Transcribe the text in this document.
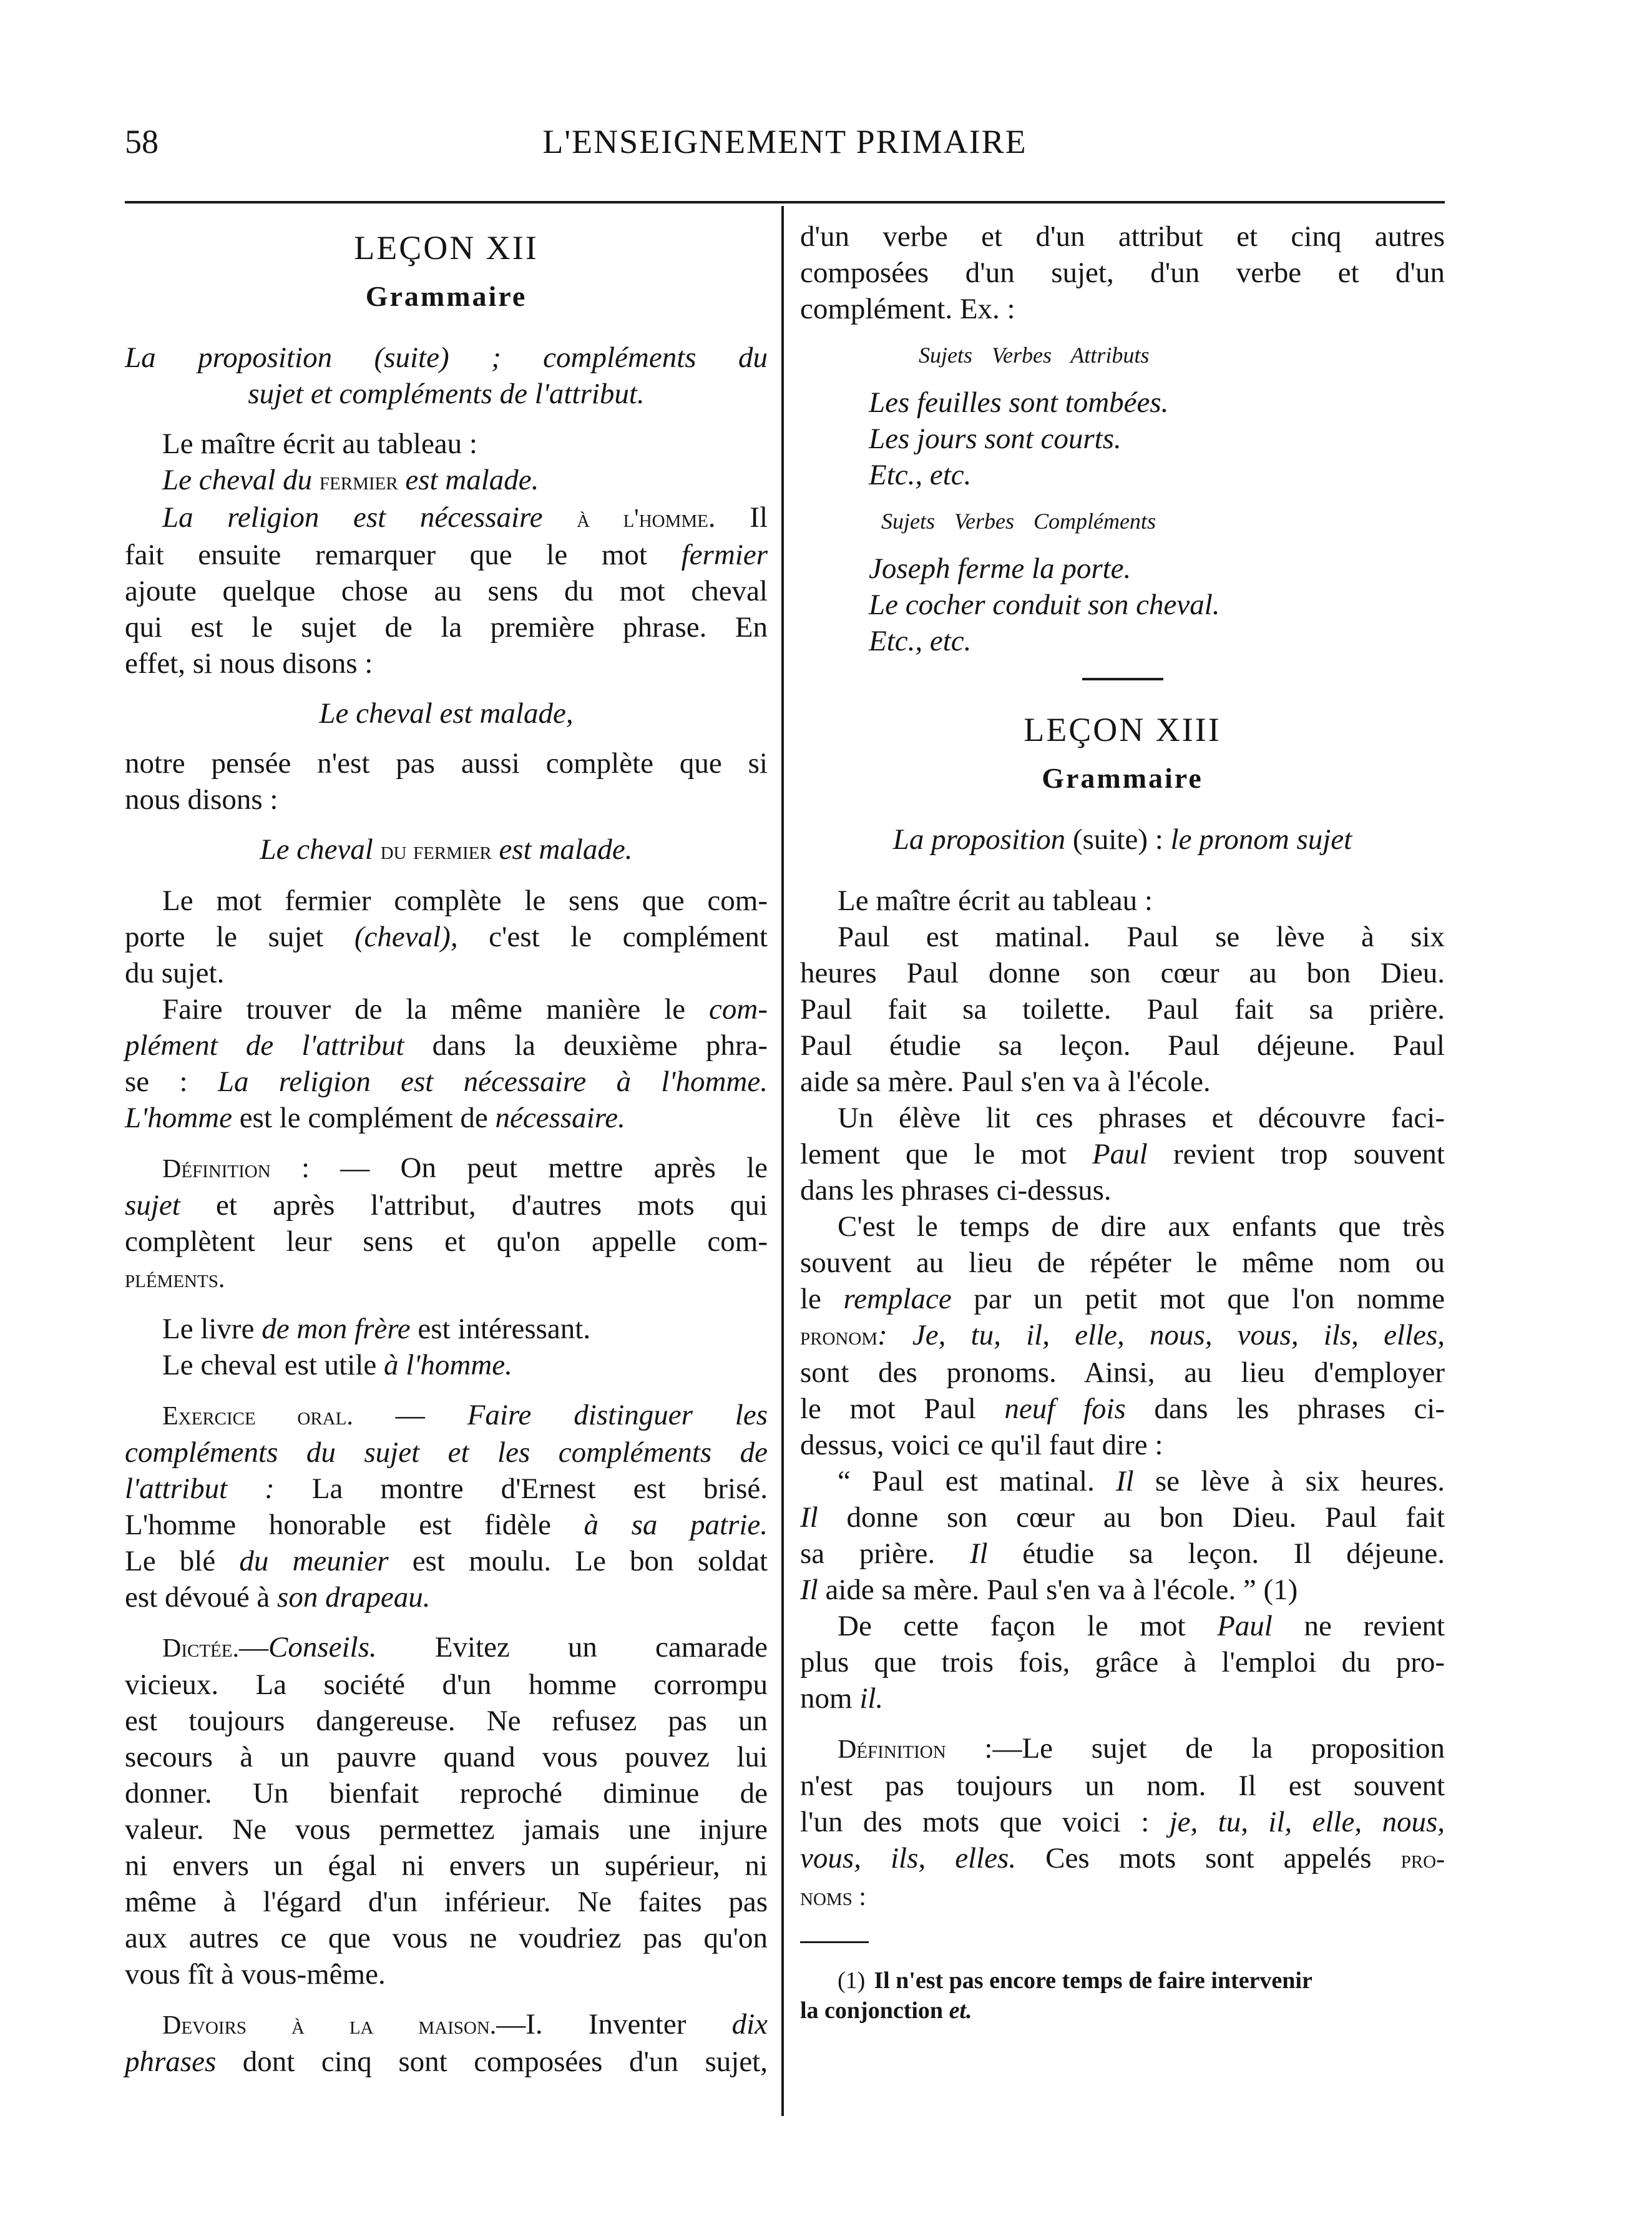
58	L'ENSEIGNEMENT PRIMAIRE

LEÇON XII

Grammaire

La proposition (suite) ; compléments du

sujet et compléments de l'attribut.

Le maître écrit au tableau :

Le cheval du fermier est malade.

La religion est nécessaire à l'homme. Il

fait ensuite remarquer que le mot fermier

ajoute quelque chose au sens du mot cheval

qui est le sujet de la première phrase. En

effet, si nous disons :

Le cheval est malade,

notre pensée n'est pas aussi complète que si

nous disons :

Le cheval du fermier est malade.

Le mot fermier complète le sens que com-

porte le sujet (cheval), c'est le complément

du sujet.

Faire trouver de la même manière le com-

plément de l'attribut dans la deuxième phra-

se : La religion est nécessaire à l'homme.

L'homme est le complément de nécessaire.

Définition : — On peut mettre après le

sujet et après l'attribut, d'autres mots qui

complètent leur sens et qu'on appelle com-

pléments.

Le livre de mon frère est intéressant.

Le cheval est utile à l'homme.

Exercice oral. — Faire distinguer les

compléments du sujet et les compléments de

l'attribut : La montre d'Ernest est brisé.

L'homme honorable est fidèle à sa patrie.

Le blé du meunier est moulu. Le bon soldat

est dévoué à son drapeau.

Dictée.—Conseils. Evitez un camarade

vicieux. La société d'un homme corrompu

est toujours dangereuse. Ne refusez pas un

secours à un pauvre quand vous pouvez lui

donner. Un bienfait reproché diminue de

valeur. Ne vous permettez jamais une injure

ni envers un égal ni envers un supérieur, ni

même à l'égard d'un inférieur. Ne faites pas

aux autres ce que vous ne voudriez pas qu'on

vous fît à vous-même.

Devoirs à la maison.—I. Inventer dix

phrases dont cinq sont composées d'un sujet,

d'un verbe et d'un attribut et cinq autres

composées d'un sujet, d'un verbe et d'un

complément. Ex. :

Sujets Verbes Attributs

Les feuilles sont tombées.

Les jours sont courts.

Etc., etc.

Sujets Verbes Compléments

Joseph ferme la porte.

Le cocher conduit son cheval.

Etc., etc.

LEÇON XIII

Grammaire

La proposition (suite) : le pronom sujet

Le maître écrit au tableau :

Paul est matinal. Paul se lève à six

heures Paul donne son cœur au bon Dieu.

Paul fait sa toilette. Paul fait sa prière.

Paul étudie sa leçon. Paul déjeune. Paul

aide sa mère. Paul s'en va à l'école.

Un élève lit ces phrases et découvre faci-

lement que le mot Paul revient trop souvent

dans les phrases ci-dessus.

C'est le temps de dire aux enfants que très

souvent au lieu de répéter le même nom ou

le remplace par un petit mot que l'on nomme

pronom: Je, tu, il, elle, nous, vous, ils, elles,

sont des pronoms. Ainsi, au lieu d'employer

le mot Paul neuf fois dans les phrases ci-

dessus, voici ce qu'il faut dire :

“ Paul est matinal. Il se lève à six heures.

Il donne son cœur au bon Dieu. Paul fait

sa prière. Il étudie sa leçon. Il déjeune.

Il aide sa mère. Paul s'en va à l'école. ” (1)

De cette façon le mot Paul ne revient

plus que trois fois, grâce à l'emploi du pro-

nom il.

Définition :—Le sujet de la proposition

n'est pas toujours un nom. Il est souvent

l'un des mots que voici : je, tu, il, elle, nous,

vous, ils, elles. Ces mots sont appelés pro-

noms :

(1) Il n'est pas encore temps de faire intervenir

la conjonction et.
